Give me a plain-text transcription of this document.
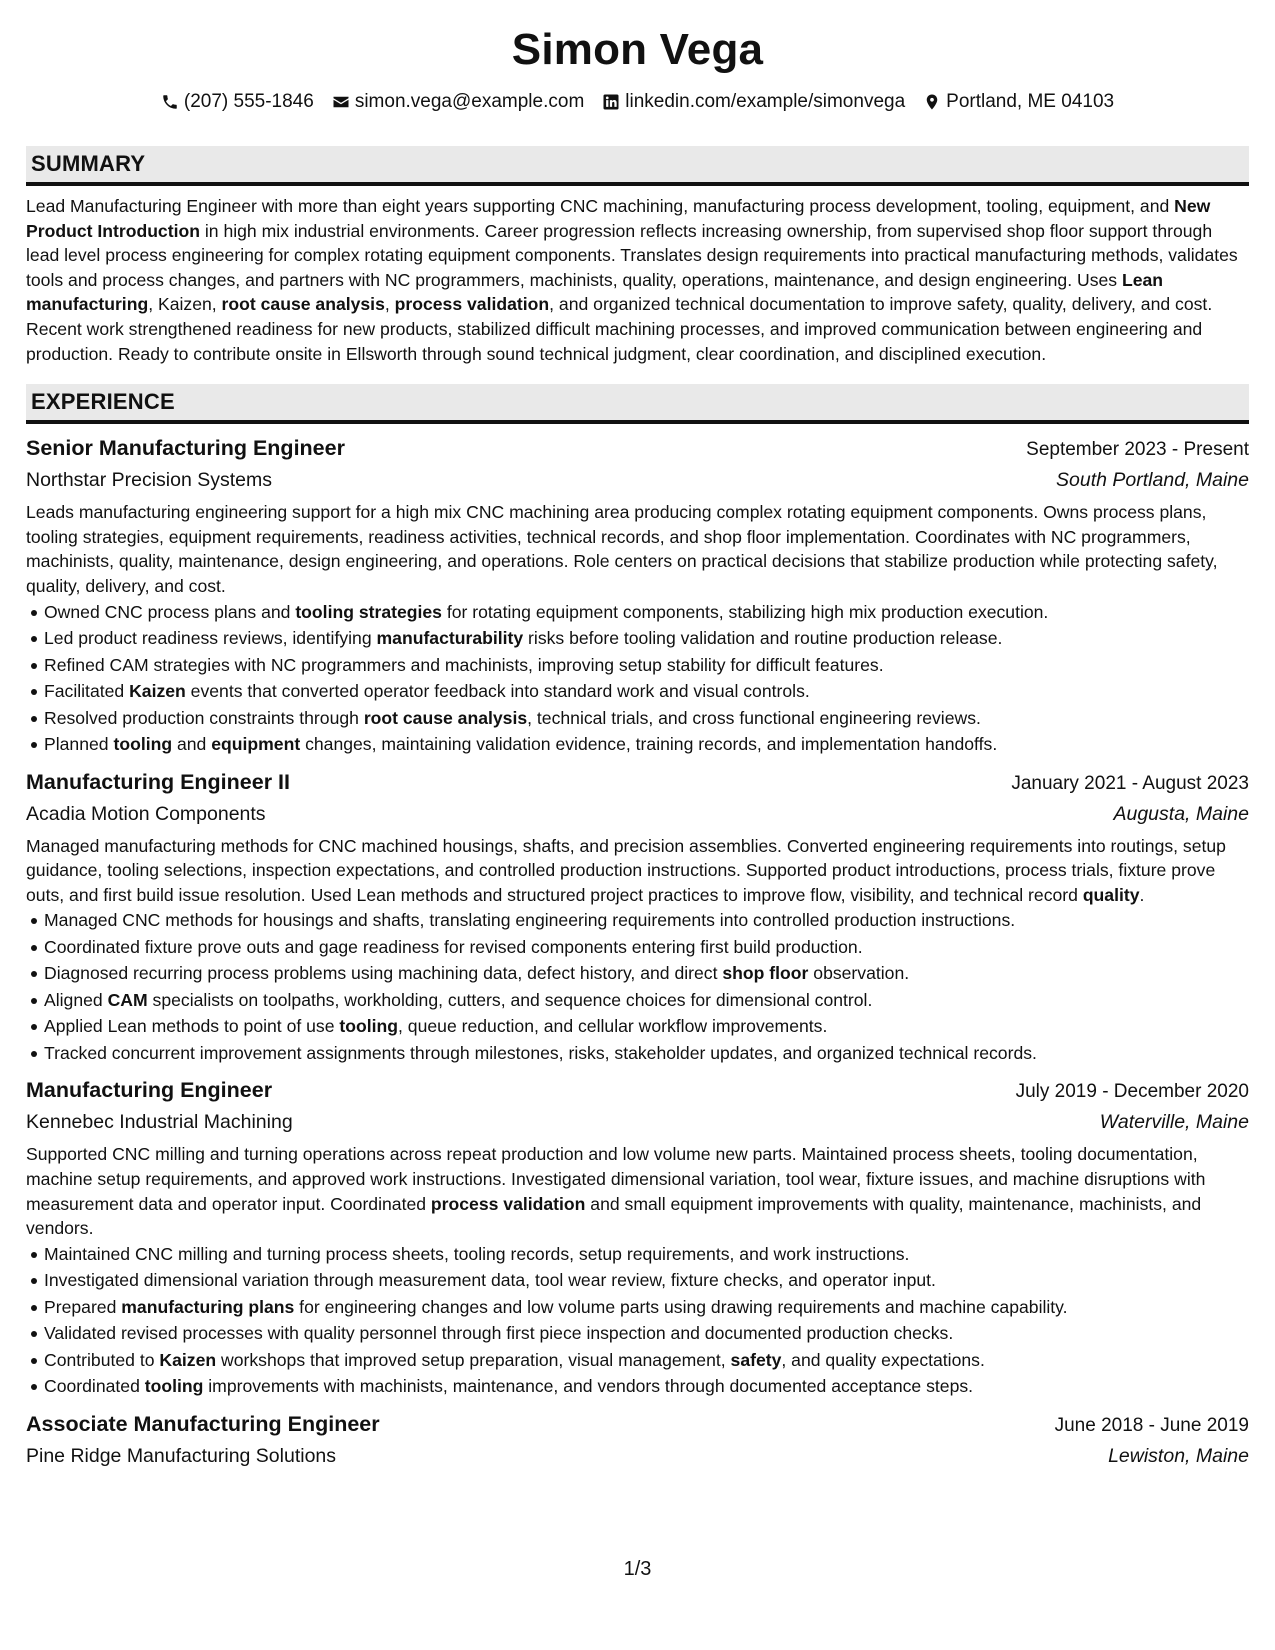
Simon Vega
(207) 555-1846 simon.vega@example.com linkedin.com/example/simonvega Portland, ME 04103
SUMMARY

Lead Manufacturing Engineer with more than eight years supporting CNC machining, manufacturing process development, tooling, equipment, and New Product Introduction in high mix industrial environments. Career progression reflects increasing ownership, from supervised shop floor support through lead level process engineering for complex rotating equipment components. Translates design requirements into practical manufacturing methods, validates tools and process changes, and partners with NC programmers, machinists, quality, operations, maintenance, and design engineering. Uses Lean manufacturing, Kaizen, root cause analysis, process validation, and organized technical documentation to improve safety, quality, delivery, and cost. Recent work strengthened readiness for new products, stabilized difficult machining processes, and improved communication between engineering and production. Ready to contribute onsite in Ellsworth through sound technical judgment, clear coordination, and disciplined execution.

EXPERIENCE
Senior Manufacturing Engineer	September 2023 - Present
Northstar Precision Systems	South Portland, Maine

Leads manufacturing engineering support for a high mix CNC machining area producing complex rotating equipment components. Owns process plans, tooling strategies, equipment requirements, readiness activities, technical records, and shop floor implementation. Coordinates with NC programmers, machinists, quality, maintenance, design engineering, and operations. Role centers on practical decisions that stabilize production while protecting safety, quality, delivery, and cost.

Owned CNC process plans and tooling strategies for rotating equipment components, stabilizing high mix production execution.
Led product readiness reviews, identifying manufacturability risks before tooling validation and routine production release.
Refined CAM strategies with NC programmers and machinists, improving setup stability for difficult features.
Facilitated Kaizen events that converted operator feedback into standard work and visual controls.
Resolved production constraints through root cause analysis, technical trials, and cross functional engineering reviews.
Planned tooling and equipment changes, maintaining validation evidence, training records, and implementation handoffs.
Manufacturing Engineer II	January 2021 - August 2023
Acadia Motion Components	Augusta, Maine

Managed manufacturing methods for CNC machined housings, shafts, and precision assemblies. Converted engineering requirements into routings, setup guidance, tooling selections, inspection expectations, and controlled production instructions. Supported product introductions, process trials, fixture prove outs, and first build issue resolution. Used Lean methods and structured project practices to improve flow, visibility, and technical record quality.

Managed CNC methods for housings and shafts, translating engineering requirements into controlled production instructions.
Coordinated fixture prove outs and gage readiness for revised components entering first build production.
Diagnosed recurring process problems using machining data, defect history, and direct shop floor observation.
Aligned CAM specialists on toolpaths, workholding, cutters, and sequence choices for dimensional control.
Applied Lean methods to point of use tooling, queue reduction, and cellular workflow improvements.
Tracked concurrent improvement assignments through milestones, risks, stakeholder updates, and organized technical records.
Manufacturing Engineer	July 2019 - December 2020
Kennebec Industrial Machining	Waterville, Maine

Supported CNC milling and turning operations across repeat production and low volume new parts. Maintained process sheets, tooling documentation, machine setup requirements, and approved work instructions. Investigated dimensional variation, tool wear, fixture issues, and machine disruptions with measurement data and operator input. Coordinated process validation and small equipment improvements with quality, maintenance, machinists, and vendors.

Maintained CNC milling and turning process sheets, tooling records, setup requirements, and work instructions.
Investigated dimensional variation through measurement data, tool wear review, fixture checks, and operator input.
Prepared manufacturing plans for engineering changes and low volume parts using drawing requirements and machine capability.
Validated revised processes with quality personnel through first piece inspection and documented production checks.
Contributed to Kaizen workshops that improved setup preparation, visual management, safety, and quality expectations.
Coordinated tooling improvements with machinists, maintenance, and vendors through documented acceptance steps.
Associate Manufacturing Engineer	June 2018 - June 2019
Pine Ridge Manufacturing Solutions	Lewiston, Maine
1/3
